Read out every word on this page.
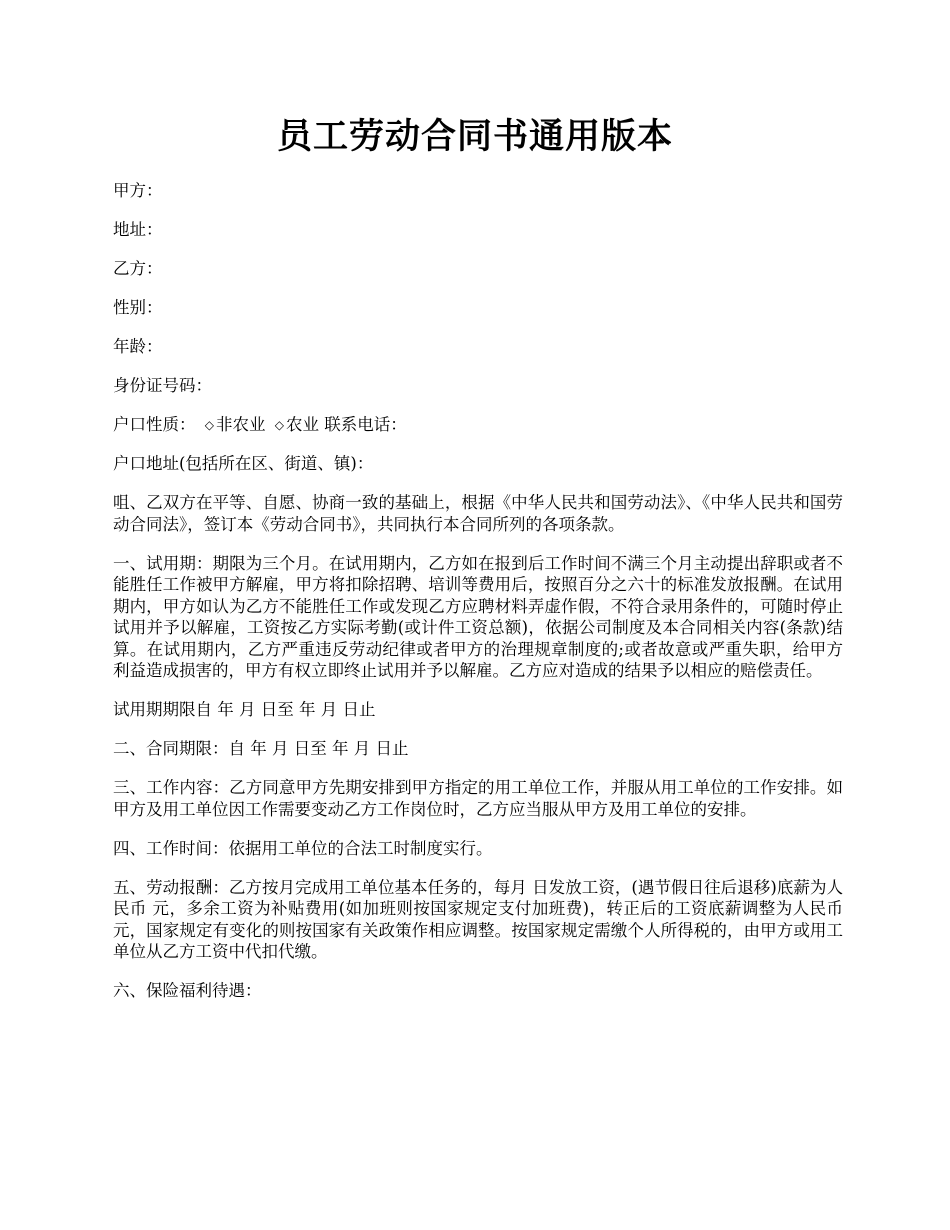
员工劳动合同书通用版本
甲方：
地址：
乙方：
性别：
年龄：
身份证号码：
户口性质： ◇ 非农业 ◇ 农业 联系电话：
户口地址(包括所在区、街道、镇)：

咀、乙双方在平等、自愿、协商一致的基础上，根据《中华人民共和国劳动法》、《中华人民共和国劳动合同法》，签订本《劳动合同书》，共同执行本合同所列的各项条款。

一、试用期：期限为三个月。在试用期内，乙方如在报到后工作时间不满三个月主动提出辞职或者不能胜任工作被甲方解雇，甲方将扣除招聘、培训等费用后，按照百分之六十的标准发放报酬。在试用期内，甲方如认为乙方不能胜任工作或发现乙方应聘材料弄虚作假，不符合录用条件的，可随时停止试用并予以解雇，工资按乙方实际考勤(或计件工资总额)，依据公司制度及本合同相关内容(条款)结算。在试用期内，乙方严重违反劳动纪律或者甲方的治理规章制度的;或者故意或严重失职，给甲方利益造成损害的，甲方有权立即终止试用并予以解雇。乙方应对造成的结果予以相应的赔偿责任。

试用期期限自 年 月 日至 年 月 日止

二、合同期限：自 年 月 日至 年 月 日止

三、工作内容：乙方同意甲方先期安排到甲方指定的用工单位工作，并服从用工单位的工作安排。如甲方及用工单位因工作需要变动乙方工作岗位时，乙方应当服从甲方及用工单位的安排。

四、工作时间：依据用工单位的合法工时制度实行。

五、劳动报酬：乙方按月完成用工单位基本任务的，每月 日发放工资，(遇节假日往后退移)底薪为人民币 元，多余工资为补贴费用(如加班则按国家规定支付加班费)，转正后的工资底薪调整为人民币 元，国家规定有变化的则按国家有关政策作相应调整。按国家规定需缴个人所得税的，由甲方或用工单位从乙方工资中代扣代缴。

六、保险福利待遇：
